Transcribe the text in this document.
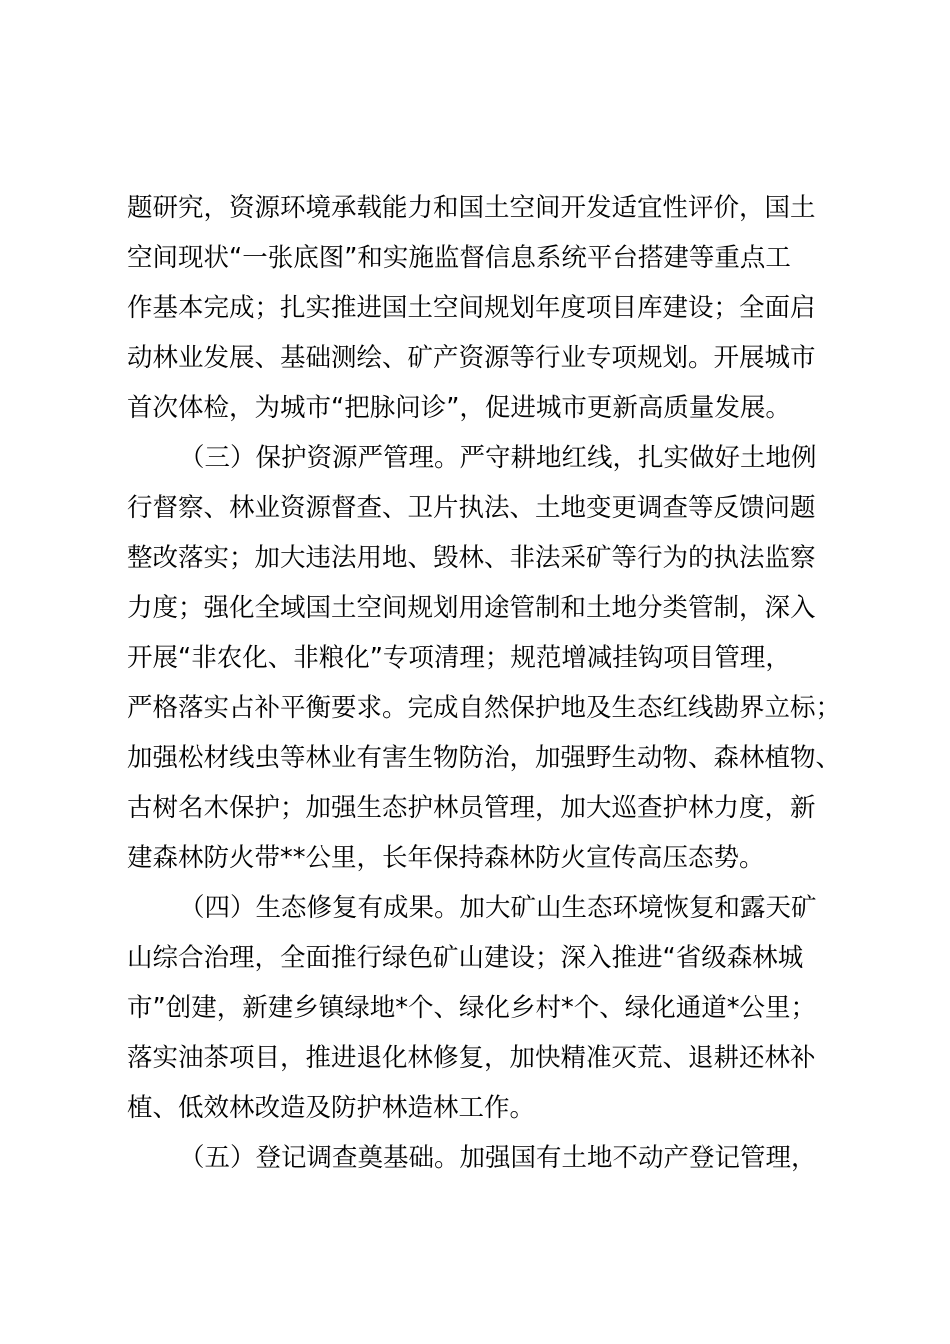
题研究，资源环境承载能力和国土空间开发适宜性评价，国土
空间现状“一张底图”和实施监督信息系统平台搭建等重点工
作基本完成；扎实推进国土空间规划年度项目库建设；全面启
动林业发展、基础测绘、矿产资源等行业专项规划。开展城市
首次体检，为城市“把脉问诊”，促进城市更新高质量发展。
（三）保护资源严管理。严守耕地红线，扎实做好土地例
行督察、林业资源督查、卫片执法、土地变更调查等反馈问题
整改落实；加大违法用地、毁林、非法采矿等行为的执法监察
力度；强化全域国土空间规划用途管制和土地分类管制，深入
开展“非农化、非粮化”专项清理；规范增减挂钩项目管理，
严格落实占补平衡要求。完成自然保护地及生态红线勘界立标；
加强松材线虫等林业有害生物防治，加强野生动物、森林植物、
古树名木保护；加强生态护林员管理，加大巡查护林力度，新
建森林防火带**公里，长年保持森林防火宣传高压态势。
（四）生态修复有成果。加大矿山生态环境恢复和露天矿
山综合治理，全面推行绿色矿山建设；深入推进“省级森林城
市”创建，新建乡镇绿地*个、绿化乡村*个、绿化通道*公里；
落实油茶项目，推进退化林修复，加快精准灭荒、退耕还林补
植、低效林改造及防护林造林工作。
（五）登记调查奠基础。加强国有土地不动产登记管理，
